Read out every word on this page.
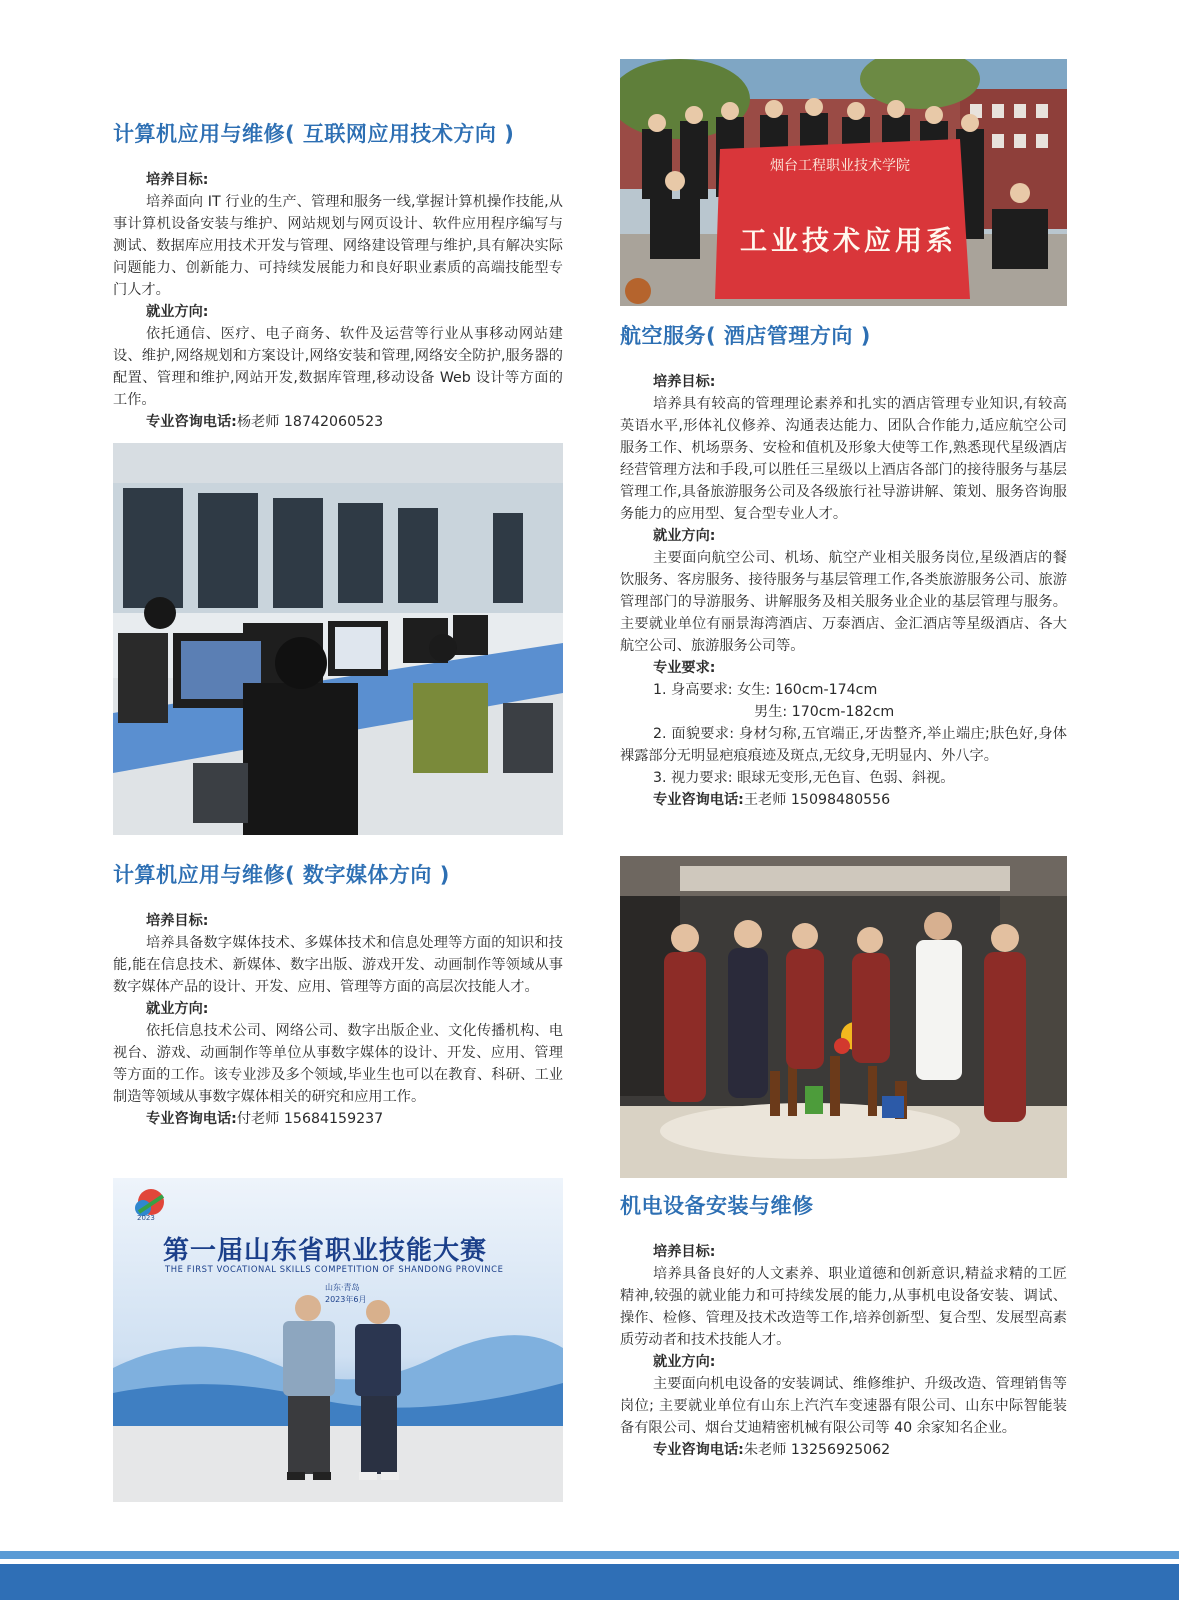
烟台工程职业技术学院
工业技术应用系
计算机应用与维修( 互联网应用技术方向 )
培养目标:

培养面向 IT 行业的生产、管理和服务一线,掌握计算机操作技能,从事计算机设备安装与维护、网站规划与网页设计、软件应用程序编写与测试、数据库应用技术开发与管理、网络建设管理与维护,具有解决实际问题能力、创新能力、可持续发展能力和良好职业素质的高端技能型专门人才。

就业方向:

依托通信、医疗、电子商务、软件及运营等行业从事移动网站建设、维护,网络规划和方案设计,网络安装和管理,网络安全防护,服务器的配置、管理和维护,网站开发,数据库管理,移动设备 Web 设计等方面的工作。

专业咨询电话:杨老师 18742060523
计算机应用与维修( 数字媒体方向 )
培养目标:

培养具备数字媒体技术、多媒体技术和信息处理等方面的知识和技能,能在信息技术、新媒体、数字出版、游戏开发、动画制作等领域从事数字媒体产品的设计、开发、应用、管理等方面的高层次技能人才。

就业方向:

依托信息技术公司、网络公司、数字出版企业、文化传播机构、电视台、游戏、动画制作等单位从事数字媒体的设计、开发、应用、管理等方面的工作。该专业涉及多个领域,毕业生也可以在教育、科研、工业制造等领域从事数字媒体相关的研究和应用工作。

专业咨询电话:付老师 15684159237
2023
第一届山东省职业技能大赛
THE FIRST VOCATIONAL SKILLS COMPETITION OF SHANDONG PROVINCE
山东·青岛
2023年6月
航空服务( 酒店管理方向 )
培养目标:

培养具有较高的管理理论素养和扎实的酒店管理专业知识,有较高英语水平,形体礼仪修养、沟通表达能力、团队合作能力,适应航空公司服务工作、机场票务、安检和值机及形象大使等工作,熟悉现代星级酒店经营管理方法和手段,可以胜任三星级以上酒店各部门的接待服务与基层管理工作,具备旅游服务公司及各级旅行社导游讲解、策划、服务咨询服务能力的应用型、复合型专业人才。

就业方向:

主要面向航空公司、机场、航空产业相关服务岗位,星级酒店的餐饮服务、客房服务、接待服务与基层管理工作,各类旅游服务公司、旅游管理部门的导游服务、讲解服务及相关服务业企业的基层管理与服务。主要就业单位有丽景海湾酒店、万泰酒店、金汇酒店等星级酒店、各大航空公司、旅游服务公司等。

专业要求:

1. 身高要求: 女生: 160cm-174cm

男生: 170cm-182cm

2. 面貌要求: 身材匀称,五官端正,牙齿整齐,举止端庄;肤色好,身体裸露部分无明显疤痕痕迹及斑点,无纹身,无明显内、外八字。

3. 视力要求: 眼球无变形,无色盲、色弱、斜视。

专业咨询电话:王老师 15098480556
机电设备安装与维修
培养目标:

培养具备良好的人文素养、职业道德和创新意识,精益求精的工匠精神,较强的就业能力和可持续发展的能力,从事机电设备安装、调试、操作、检修、管理及技术改造等工作,培养创新型、复合型、发展型高素质劳动者和技术技能人才。

就业方向:

主要面向机电设备的安装调试、维修维护、升级改造、管理销售等岗位; 主要就业单位有山东上汽汽车变速器有限公司、山东中际智能装备有限公司、烟台艾迪精密机械有限公司等 40 余家知名企业。

专业咨询电话:朱老师 13256925062
